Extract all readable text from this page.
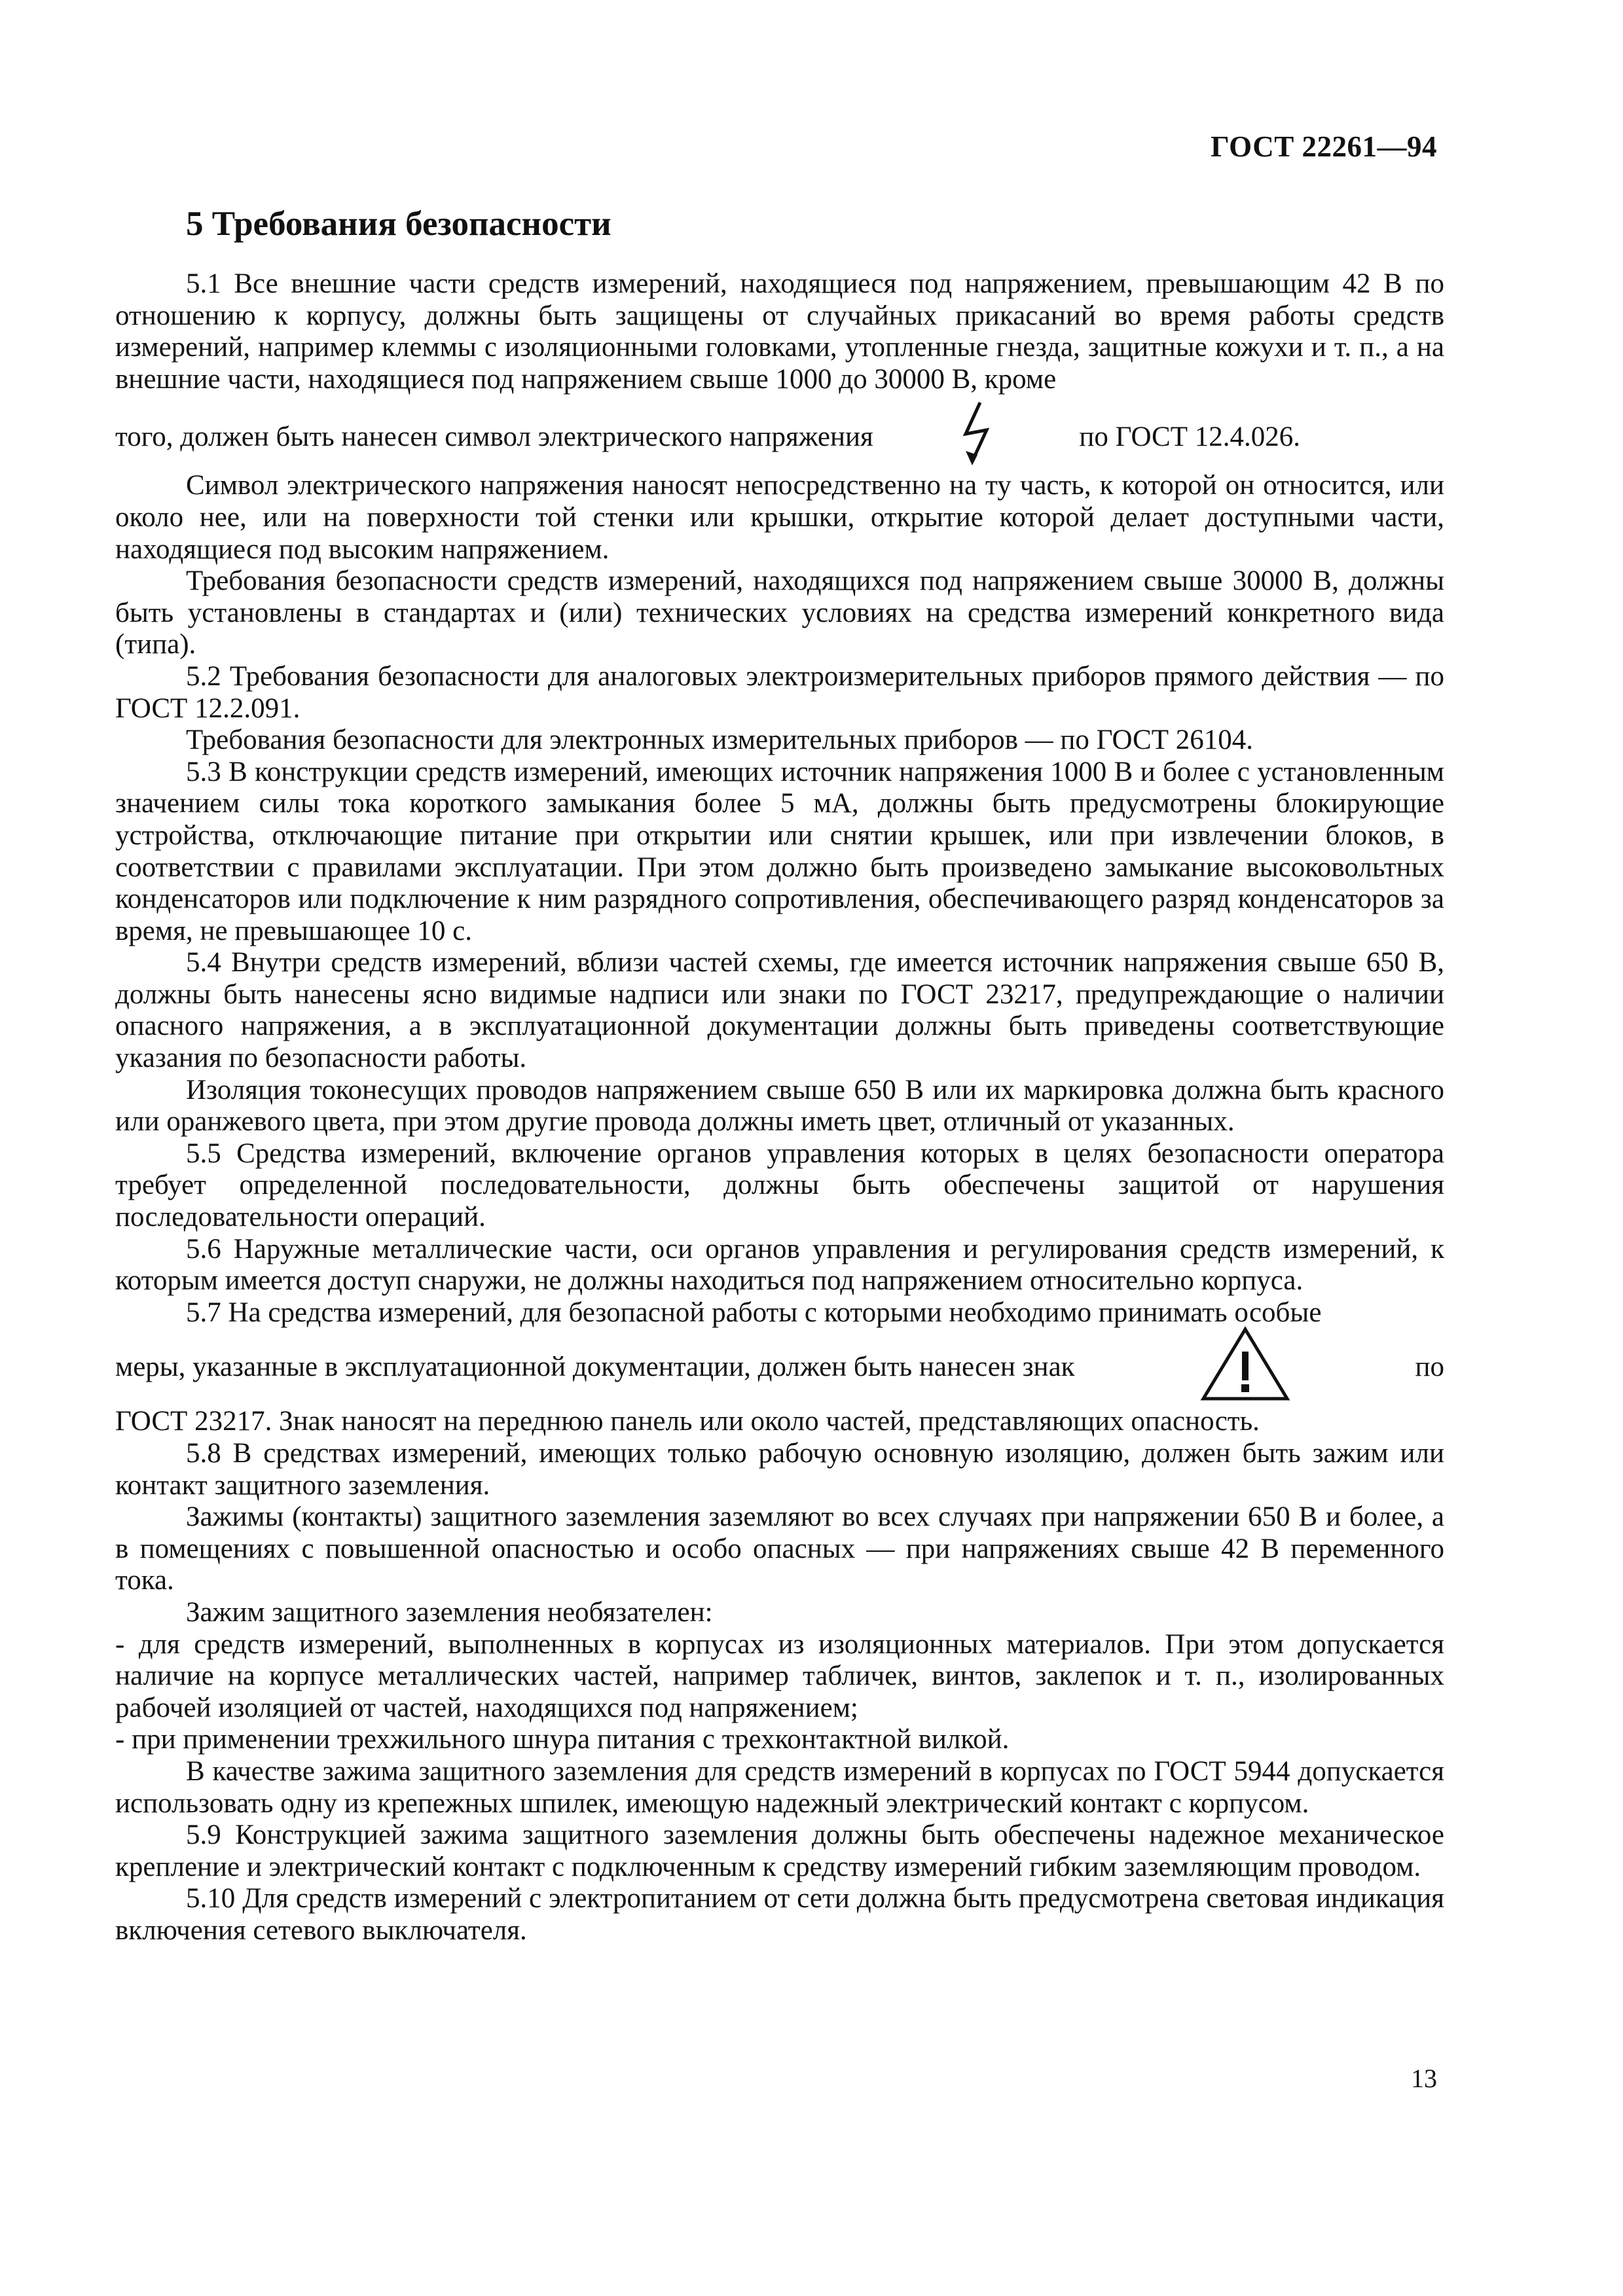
ГОСТ 22261—94
5 Требования безопасности

5.1 Все внешние части средств измерений, находящиеся под напряжением, превышающим 42 В по отношению к корпусу, должны быть защищены от случайных прикасаний во время работы средств измерений, например клеммы с изоляционными головками, утопленные гнезда, защитные кожухи и т. п., а на внешние части, находящиеся под напряжением свыше 1000 до 30000 В, кроме

того, должен быть нанесен символ электрического напряжения	по ГОСТ 12.4.026.

Символ электрического напряжения наносят непосредственно на ту часть, к которой он относится, или около нее, или на поверхности той стенки или крышки, открытие которой делает доступными части, находящиеся под высоким напряжением.

Требования безопасности средств измерений, находящихся под напряжением свыше 30000 В, должны быть установлены в стандартах и (или) технических условиях на средства измерений конкретного вида (типа).

5.2 Требования безопасности для аналоговых электроизмерительных приборов прямого действия — по ГОСТ 12.2.091.

Требования безопасности для электронных измерительных приборов — по ГОСТ 26104.

5.3 В конструкции средств измерений, имеющих источник напряжения 1000 В и более с установленным значением силы тока короткого замыкания более 5 мА, должны быть предусмотрены блокирующие устройства, отключающие питание при открытии или снятии крышек, или при извлечении блоков, в соответствии с правилами эксплуатации. При этом должно быть произведено замыкание высоковольтных конденсаторов или подключение к ним разрядного сопротивления, обеспечивающего разряд конденсаторов за время, не превышающее 10 с.

5.4 Внутри средств измерений, вблизи частей схемы, где имеется источник напряжения свыше 650 В, должны быть нанесены ясно видимые надписи или знаки по ГОСТ 23217, предупреждающие о наличии опасного напряжения, а в эксплуатационной документации должны быть приведены соответствующие указания по безопасности работы.

Изоляция токонесущих проводов напряжением свыше 650 В или их маркировка должна быть красного или оранжевого цвета, при этом другие провода должны иметь цвет, отличный от указанных.

5.5 Средства измерений, включение органов управления которых в целях безопасности оператора требует определенной последовательности, должны быть обеспечены защитой от нарушения последовательности операций.

5.6 Наружные металлические части, оси органов управления и регулирования средств измерений, к которым имеется доступ снаружи, не должны находиться под напряжением относительно корпуса.

5.7 На средства измерений, для безопасной работы с которыми необходимо принимать особые

меры, указанные в эксплуатационной документации, должен быть нанесен знак	по

ГОСТ 23217. Знак наносят на переднюю панель или около частей, представляющих опасность.

5.8 В средствах измерений, имеющих только рабочую основную изоляцию, должен быть зажим или контакт защитного заземления.

Зажимы (контакты) защитного заземления заземляют во всех случаях при напряжении 650 В и более, а в помещениях с повышенной опасностью и особо опасных — при напряжениях свыше 42 В переменного тока.

Зажим защитного заземления необязателен:

- для средств измерений, выполненных в корпусах из изоляционных материалов. При этом допускается наличие на корпусе металлических частей, например табличек, винтов, заклепок и т. п., изолированных рабочей изоляцией от частей, находящихся под напряжением;

- при применении трехжильного шнура питания с трехконтактной вилкой.

В качестве зажима защитного заземления для средств измерений в корпусах по ГОСТ 5944 допускается использовать одну из крепежных шпилек, имеющую надежный электрический контакт с корпусом.

5.9 Конструкцией зажима защитного заземления должны быть обеспечены надежное механическое крепление и электрический контакт с подключенным к средству измерений гибким заземляющим проводом.

5.10 Для средств измерений с электропитанием от сети должна быть предусмотрена световая индикация включения сетевого выключателя.

13
